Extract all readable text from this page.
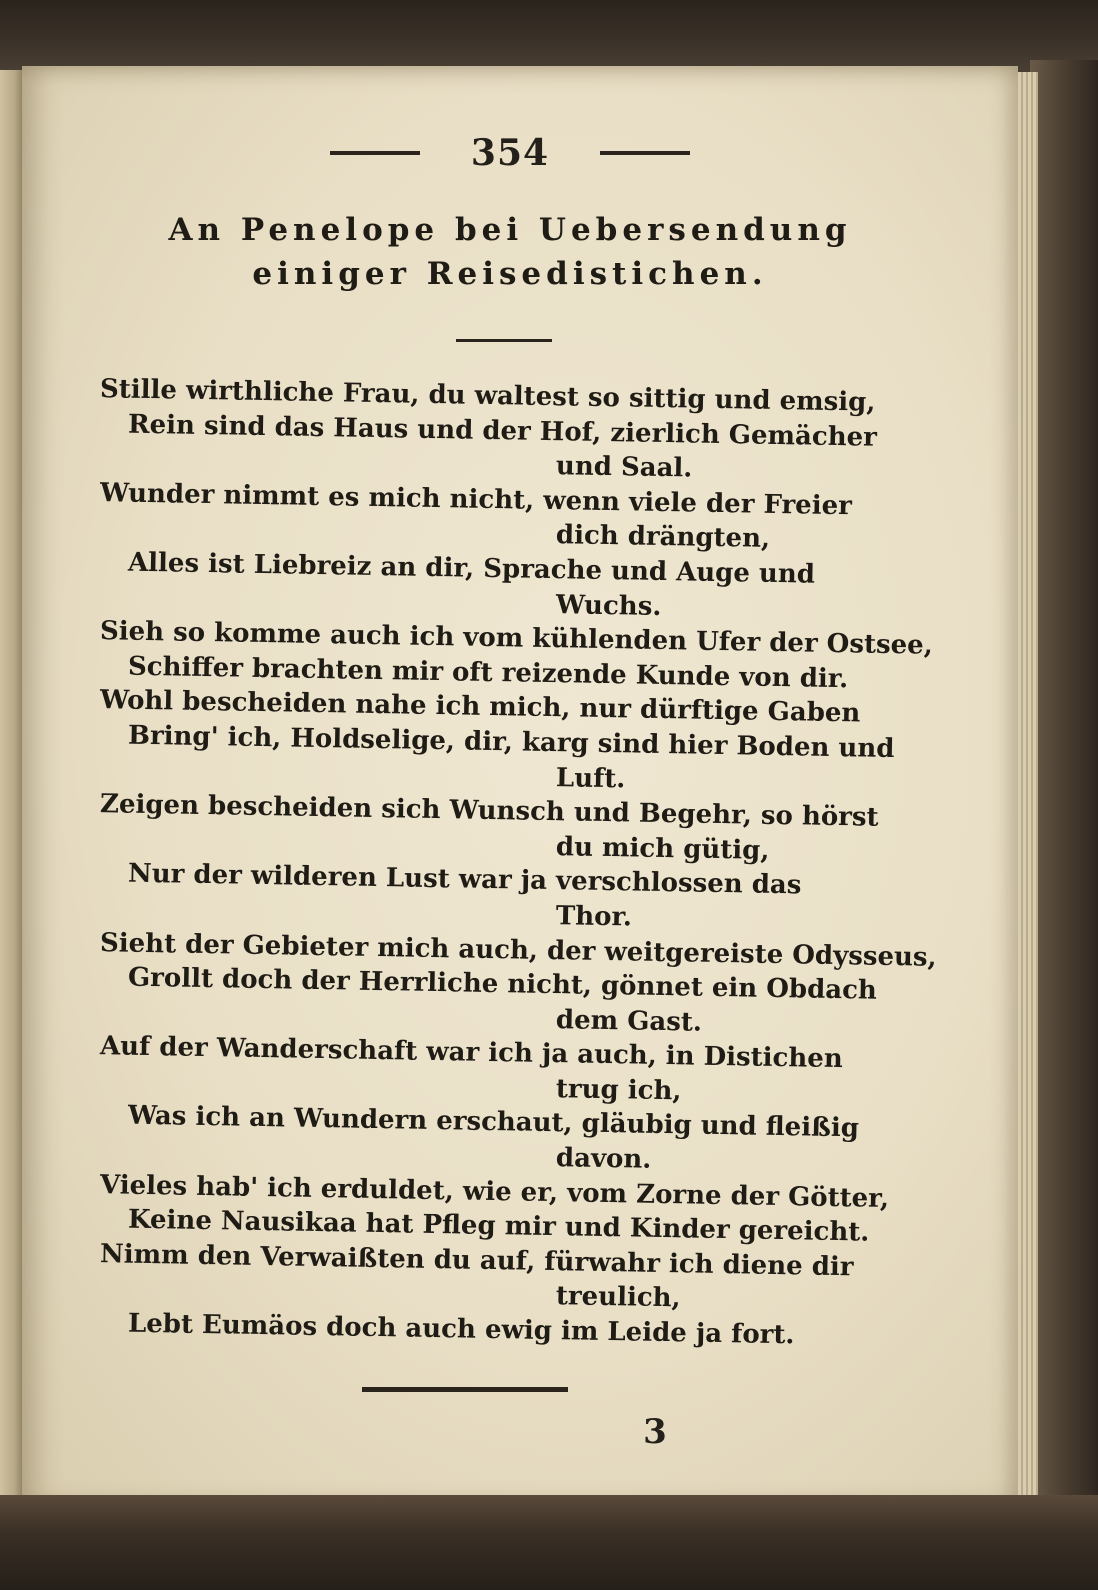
354
An Penelope bei Uebersendung einiger Reisedistichen.
Stille wirthliche Frau, du waltest so sittig und emsig,
Rein sind das Haus und der Hof, zierlich Gemächer
und Saal.
Wunder nimmt es mich nicht, wenn viele der Freier
dich drängten,
Alles ist Liebreiz an dir, Sprache und Auge und
Wuchs.
Sieh so komme auch ich vom kühlenden Ufer der Ostsee,
Schiffer brachten mir oft reizende Kunde von dir.
Wohl bescheiden nahe ich mich, nur dürftige Gaben
Bring' ich, Holdselige, dir, karg sind hier Boden und
Luft.
Zeigen bescheiden sich Wunsch und Begehr, so hörst
du mich gütig,
Nur der wilderen Lust war ja verschlossen das
Thor.
Sieht der Gebieter mich auch, der weitgereiste Odysseus,
Grollt doch der Herrliche nicht, gönnet ein Obdach
dem Gast.
Auf der Wanderschaft war ich ja auch, in Distichen
trug ich,
Was ich an Wundern erschaut, gläubig und fleißig
davon.
Vieles hab' ich erduldet, wie er, vom Zorne der Götter,
Keine Nausikaa hat Pfleg mir und Kinder gereicht.
Nimm den Verwaißten du auf, fürwahr ich diene dir
treulich,
Lebt Eumäos doch auch ewig im Leide ja fort.
3
